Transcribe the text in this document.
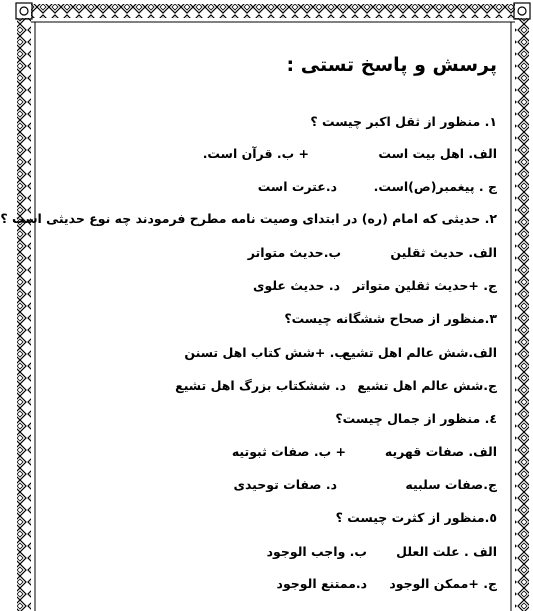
پرسش و پاسخ تستی :
۱. منظور از ثقل اکبر چیست ؟
الف. اهل بیت است
+ ب. قرآن است.
ج . پیغمبر(ص)است.
د.عترت است
۲. حدیثی که امام (ره) در ابتدای وصیت نامه مطرح فرمودند چه نوع حدیثی است ؟
الف. حدیث ثقلین
ب.حدیث متواتر
ج. +حدیث ثقلین متواتر
د. حدیث علوی
۳.منظور از صحاح ششگانه چیست؟
الف.شش عالم اهل تشیع
ب. +شش کتاب اهل تسنن
ج.شش عالم اهل تشیع
د. ششکتاب بزرگ اهل تشیع
٤. منظور از جمال چیست؟
الف. صفات قهریه
+ ب. صفات ثبوتیه
ج.صفات سلبیه
د. صفات توحیدی
٥.منظور از کثرت چیست ؟
الف . علت العلل
ب. واجب الوجود
ج. +ممکن الوجود
د.ممتنع الوجود
